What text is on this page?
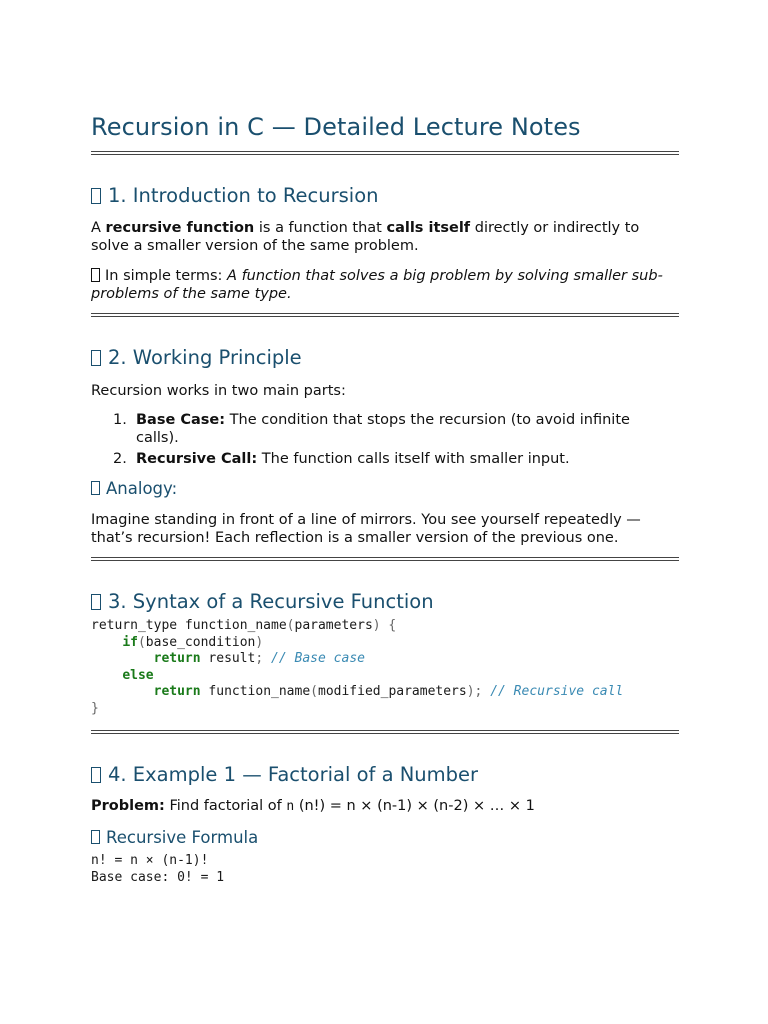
Recursion in C — Detailed Lecture Notes
1. Introduction to Recursion

A recursive function is a function that calls itself directly or indirectly to solve a smaller version of the same problem.

In simple terms: A function that solves a big problem by solving smaller sub-problems of the same type.

2. Working Principle

Recursion works in two main parts:

1. Base Case: The condition that stops the recursion (to avoid infinite calls).
2. Recursive Call: The function calls itself with smaller input.
Analogy:

Imagine standing in front of a line of mirrors. You see yourself repeatedly — that’s recursion! Each reflection is a smaller version of the previous one.

3. Syntax of a Recursive Function
return_type function_name(parameters) {
if(base_condition)
return result; // Base case
else
return function_name(modified_parameters); // Recursive call
}
4. Example 1 — Factorial of a Number

Problem: Find factorial of n (n!) = n × (n-1) × (n-2) × … × 1

Recursive Formula
n! = n × (n-1)!
Base case: 0! = 1
